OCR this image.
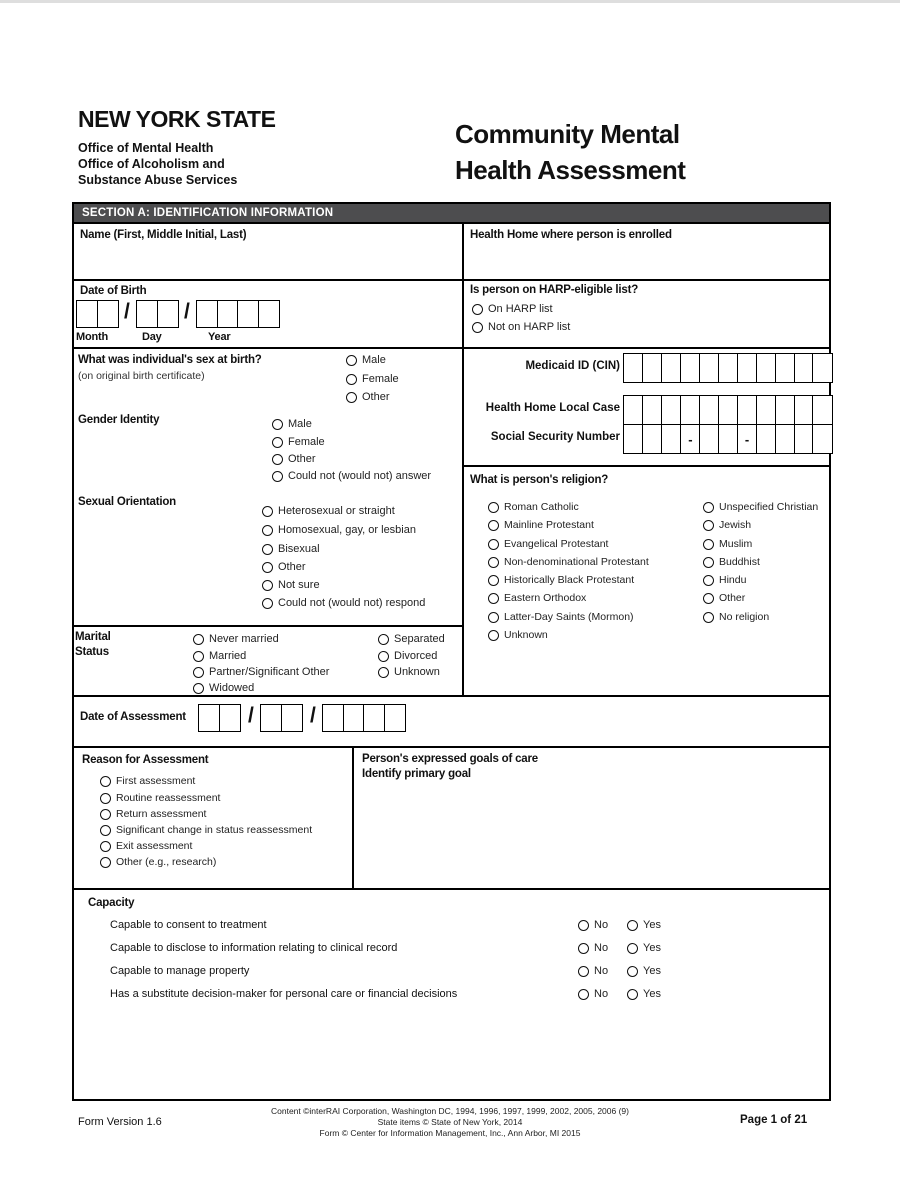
NEW YORK STATE
Office of Mental Health
Office of Alcoholism and
Substance Abuse Services
Community Mental
Health Assessment
SECTION A: IDENTIFICATION INFORMATION
Name (First, Middle Initial, Last)	Health Home where person is enrolled
Date of Birth
/	/
Month	Day	Year
Is person on HARP-eligible list?
On HARP list
Not on HARP list
What was individual's sex at birth?
(on original birth certificate)
Male
Female
Other
Gender Identity	Male
Female
Other
Could not (would not) answer
Sexual Orientation
Heterosexual or straight
Homosexual, gay, or lesbian
Bisexual
Other
Not sure
Could not (would not) respond
Medicaid ID (CIN)
Health Home Local Case
Social Security Number	-	-
What is person's religion?
Roman Catholic
Mainline Protestant
Evangelical Protestant
Non-denominational Protestant
Historically Black Protestant
Eastern Orthodox
Latter-Day Saints (Mormon)
Unknown
Unspecified Christian
Jewish
Muslim
Buddhist
Hindu
Other
No religion
Marital
Status
Never married
Married
Partner/Significant Other
Widowed
Separated
Divorced
Unknown
Date of Assessment	/	/
Reason for Assessment
First assessment
Routine reassessment
Return assessment
Significant change in status reassessment
Exit assessment
Other (e.g., research)
Person's expressed goals of care
Identify primary goal
Capacity
Capable to consent to treatment	No	Yes
Capable to disclose to information relating to clinical record	No	Yes
Capable to manage property	No	Yes
Has a substitute decision-maker for personal care or financial decisions	No	Yes
Form Version 1.6
Content ©interRAI Corporation, Washington DC, 1994, 1996, 1997, 1999, 2002, 2005, 2006 (9)
State items © State of New York, 2014
Form © Center for Information Management, Inc., Ann Arbor, MI 2015
Page 1 of 21
